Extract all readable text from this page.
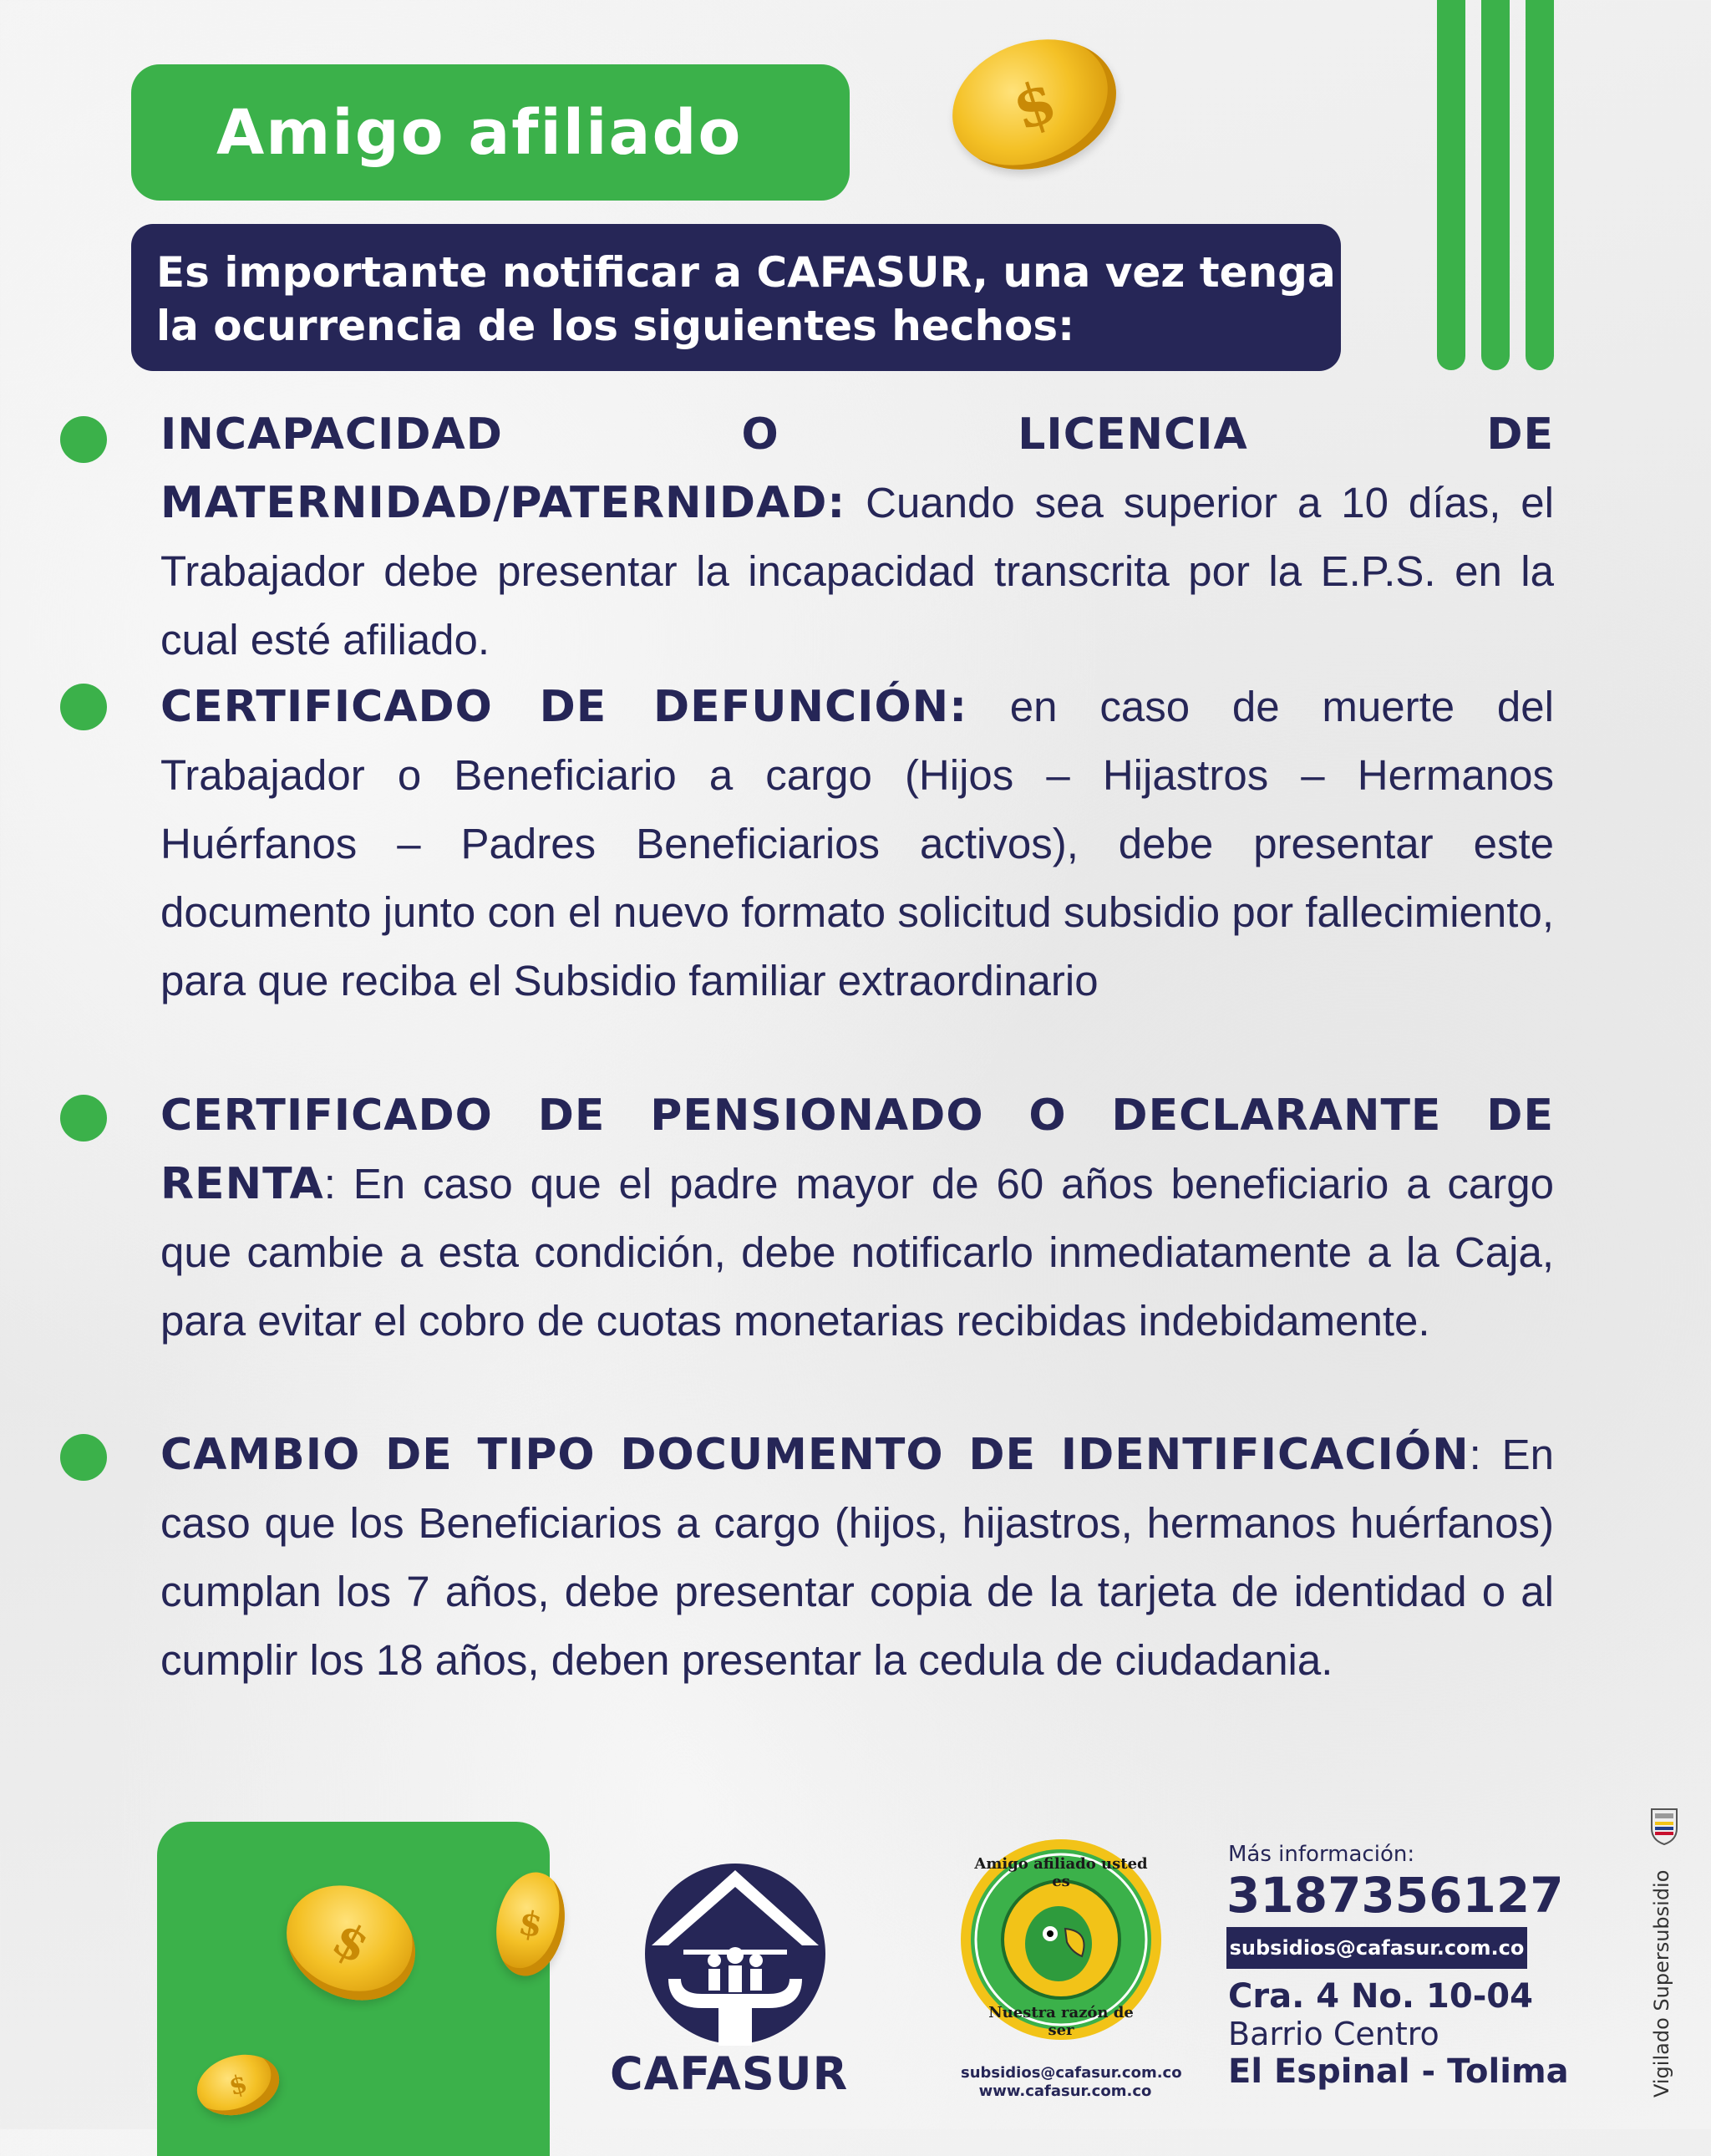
Amigo afiliado	$
Es importante notificar a CAFASUR, una vez tenga
la ocurrencia de los siguientes hechos:
INCAPACIDAD O LICENCIA DE MATERNIDAD/PATERNIDAD: Cuando sea superior a 10 días, el Trabajador debe presentar la incapacidad transcrita por la E.P.S. en la cual esté afiliado.
CERTIFICADO DE DEFUNCIÓN: en caso de muerte del Trabajador o Beneficiario a cargo (Hijos – Hijastros – Hermanos Huérfanos – Padres Beneficiarios activos), debe presentar este documento junto con el nuevo formato solicitud subsidio por fallecimiento, para que reciba el Subsidio familiar extraordinario
CERTIFICADO DE PENSIONADO O DECLARANTE DE RENTA: En caso que el padre mayor de 60 años beneficiario a cargo que cambie a esta condición, debe notificarlo inmediatamente a la Caja, para evitar el cobro de cuotas monetarias recibidas indebidamente.
CAMBIO DE TIPO DOCUMENTO DE IDENTIFICACIÓN: En caso que los Beneficiarios a cargo (hijos, hijastros, hermanos huérfanos) cumplan los 7 años, debe presentar copia de la tarjeta de identidad o al cumplir los 18 años, deben presentar la cedula de ciudadania.
$	$
$	CAFASUR
Amigo afiliado usted es
Nuestra razón de ser
subsidios@cafasur.com.co
www.cafasur.com.co
Más información:
3187356127
subsidios@cafasur.com.co
Cra. 4 No. 10-04
Barrio Centro
El Espinal - Tolima	Vigilado Supersubsidio
